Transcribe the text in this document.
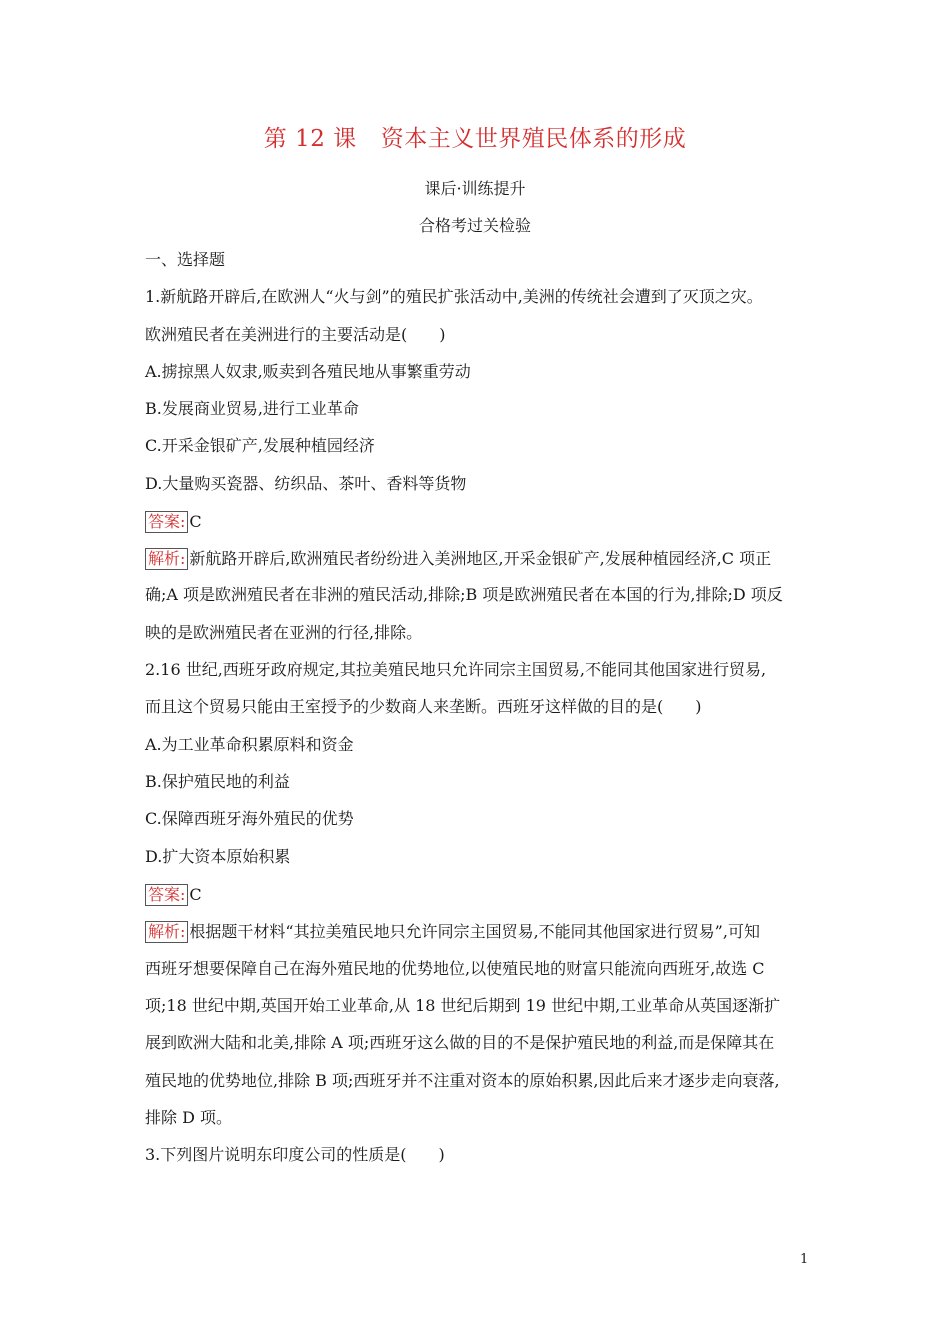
第 12 课 资本主义世界殖民体系的形成
课后·训练提升
合格考过关检验
一、选择题
1.新航路开辟后,在欧洲人“火与剑”的殖民扩张活动中,美洲的传统社会遭到了灭顶之灾。
欧洲殖民者在美洲进行的主要活动是(　　)
A.掳掠黑人奴隶,贩卖到各殖民地从事繁重劳动
B.发展商业贸易,进行工业革命
C.开采金银矿产,发展种植园经济
D.大量购买瓷器、纺织品、茶叶、香料等货物
答案: C
解析: 新航路开辟后,欧洲殖民者纷纷进入美洲地区,开采金银矿产,发展种植园经济,C 项正
确;A 项是欧洲殖民者在非洲的殖民活动,排除;B 项是欧洲殖民者在本国的行为,排除;D 项反
映的是欧洲殖民者在亚洲的行径,排除。
2.16 世纪,西班牙政府规定,其拉美殖民地只允许同宗主国贸易,不能同其他国家进行贸易,
而且这个贸易只能由王室授予的少数商人来垄断。西班牙这样做的目的是(　　)
A.为工业革命积累原料和资金
B.保护殖民地的利益
C.保障西班牙海外殖民的优势
D.扩大资本原始积累
答案: C
解析: 根据题干材料“其拉美殖民地只允许同宗主国贸易,不能同其他国家进行贸易”,可知
西班牙想要保障自己在海外殖民地的优势地位,以使殖民地的财富只能流向西班牙,故选 C
项;18 世纪中期,英国开始工业革命,从 18 世纪后期到 19 世纪中期,工业革命从英国逐渐扩
展到欧洲大陆和北美,排除 A 项;西班牙这么做的目的不是保护殖民地的利益,而是保障其在
殖民地的优势地位,排除 B 项;西班牙并不注重对资本的原始积累,因此后来才逐步走向衰落,
排除 D 项。
3.下列图片说明东印度公司的性质是(　　)
1
